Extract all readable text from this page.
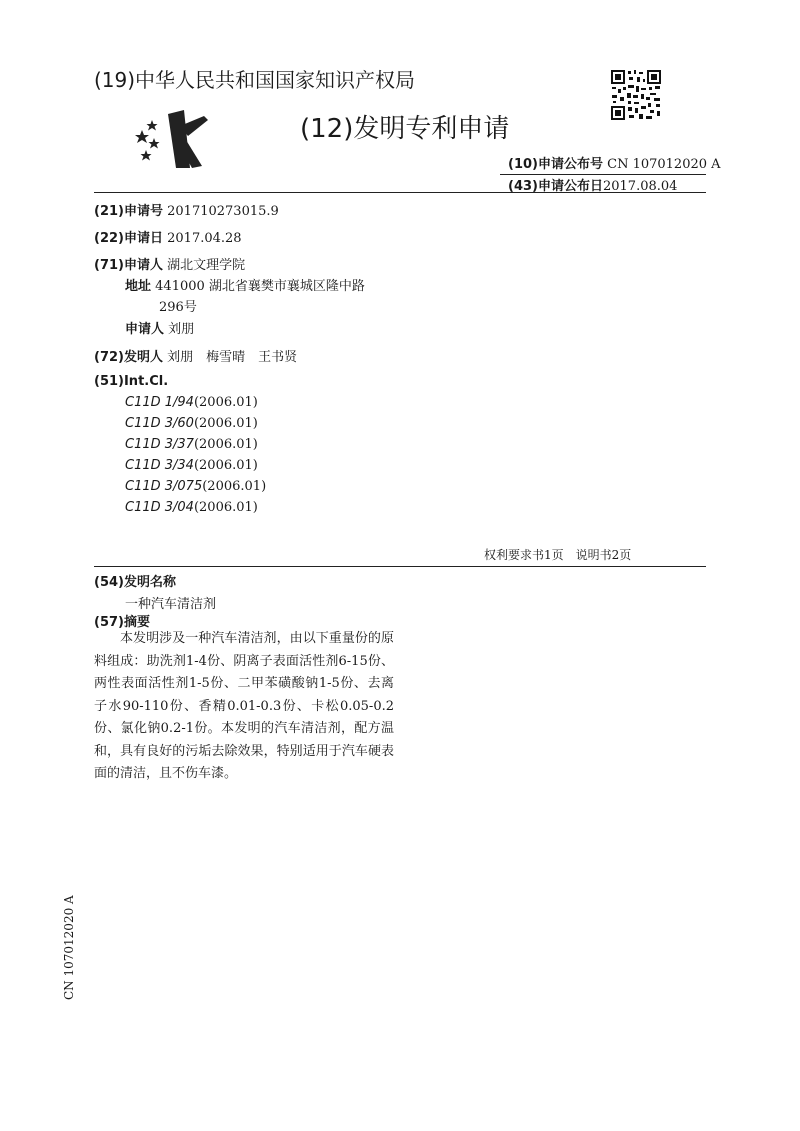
(19)中华人民共和国国家知识产权局
(12)发明专利申请
(10)申请公布号 CN 107012020 A
(43)申请公布日2017.08.04
(21)申请号 201710273015.9
(22)申请日 2017.04.28
(71)申请人 湖北文理学院
地址 441000 湖北省襄樊市襄城区隆中路
296号
申请人 刘朋
(72)发明人 刘朋　梅雪晴　王书贤
(51)Int.Cl.
C11D 1/94(2006.01)
C11D 3/60(2006.01)
C11D 3/37(2006.01)
C11D 3/34(2006.01)
C11D 3/075(2006.01)
C11D 3/04(2006.01)
权利要求书1页　说明书2页
(54)发明名称
一种汽车清洁剂
(57)摘要
本发明涉及一种汽车清洁剂，由以下重量份的原料组成：助洗剂1-4份、阴离子表面活性剂6-15份、两性表面活性剂1-5份、二甲苯磺酸钠1-5份、去离子水90-110份、香精0.01-0.3份、卡松0.05-0.2份、氯化钠0.2-1份。本发明的汽车清洁剂，配方温和，具有良好的污垢去除效果，特别适用于汽车硬表面的清洁，且不伤车漆。
CN 107012020 A
